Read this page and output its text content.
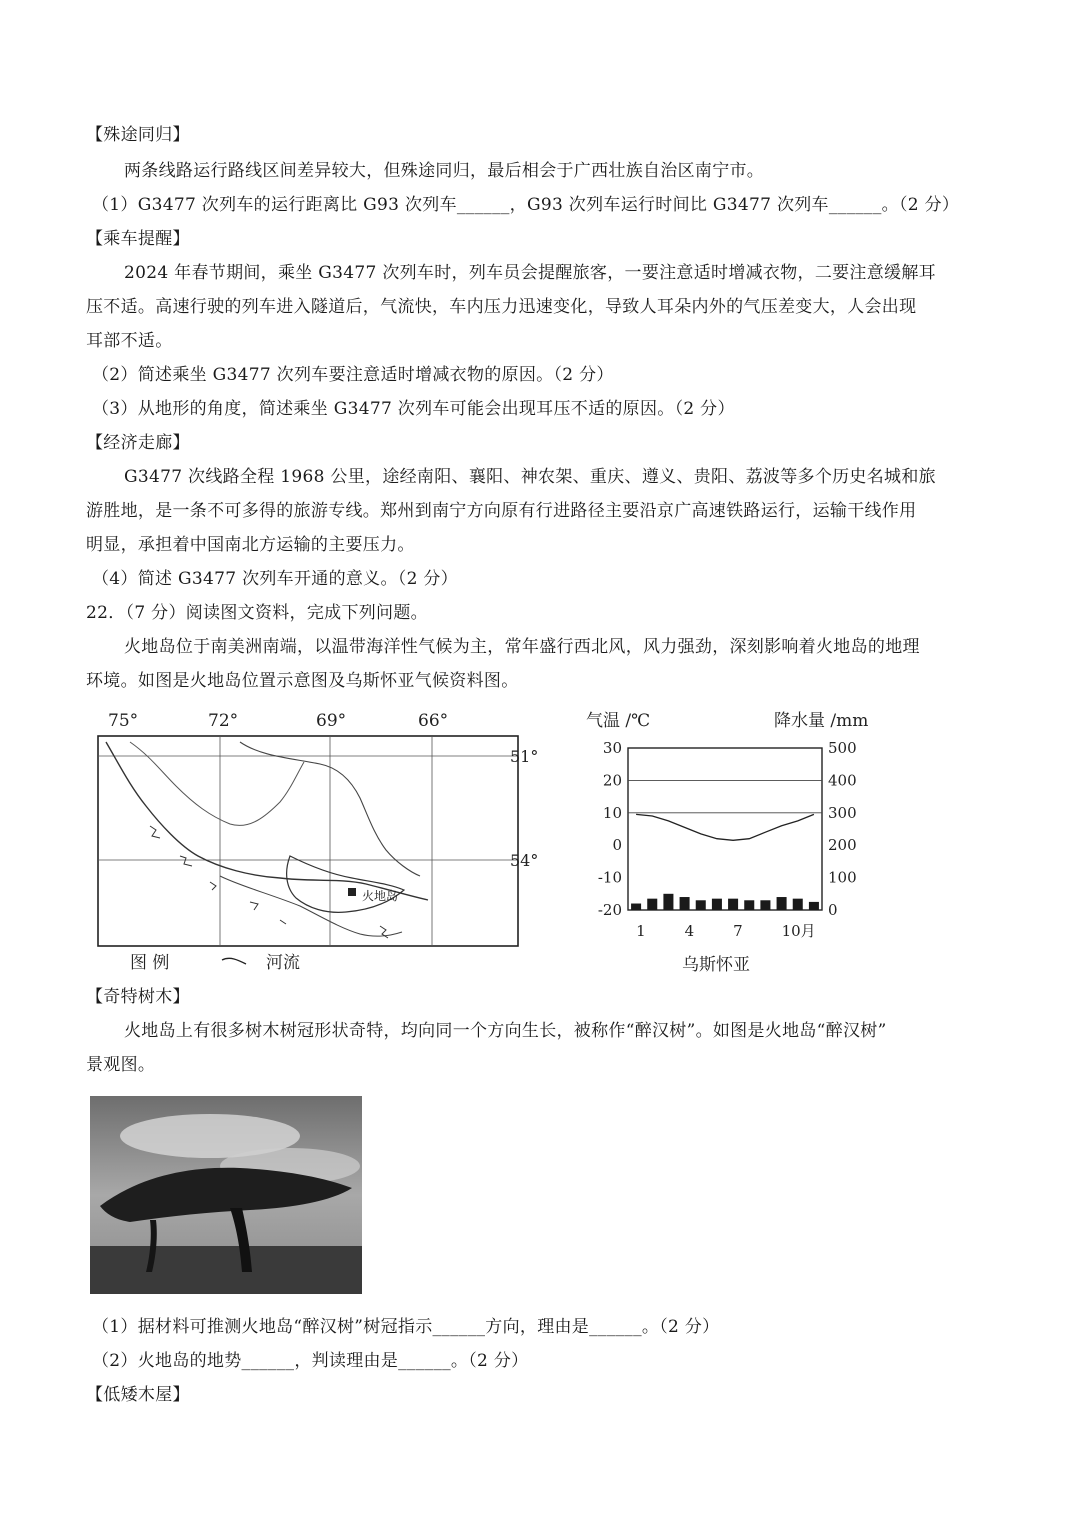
【殊途同归】
两条线路运行路线区间差异较大，但殊途同归，最后相会于广西壮族自治区南宁市。
（1）G3477 次列车的运行距离比 G93 次列车______，G93 次列车运行时间比 G3477 次列车______。（2 分）
【乘车提醒】
2024 年春节期间，乘坐 G3477 次列车时，列车员会提醒旅客，一要注意适时增减衣物，二要注意缓解耳
压不适。高速行驶的列车进入隧道后，气流快，车内压力迅速变化，导致人耳朵内外的气压差变大，人会出现
耳部不适。
（2）简述乘坐 G3477 次列车要注意适时增减衣物的原因。（2 分）
（3）从地形的角度，简述乘坐 G3477 次列车可能会出现耳压不适的原因。（2 分）
【经济走廊】
G3477 次线路全程 1968 公里，途经南阳、襄阳、神农架、重庆、遵义、贵阳、荔波等多个历史名城和旅
游胜地，是一条不可多得的旅游专线。郑州到南宁方向原有行进路径主要沿京广高速铁路运行，运输干线作用
明显，承担着中国南北方运输的主要压力。
（4）简述 G3477 次列车开通的意义。（2 分）
22．（7 分）阅读图文资料，完成下列问题。
火地岛位于南美洲南端，以温带海洋性气候为主，常年盛行西北风，风力强劲，深刻影响着火地岛的地理
环境。如图是火地岛位置示意图及乌斯怀亚气候资料图。
75°	72°	69°	66°
51°
54°
火地岛
图 例	河流
气温 /℃	降水量 /mm
乌斯怀亚
30
20
10
0
-10
-20
500
400
300
200
100
0
1	4	7	10月
【奇特树木】
火地岛上有很多树木树冠形状奇特，均向同一个方向生长，被称作“醉汉树”。如图是火地岛“醉汉树”
景观图。
（1）据材料可推测火地岛“醉汉树”树冠指示______方向，理由是______。（2 分）
（2）火地岛的地势______，判读理由是______。（2 分）
【低矮木屋】
